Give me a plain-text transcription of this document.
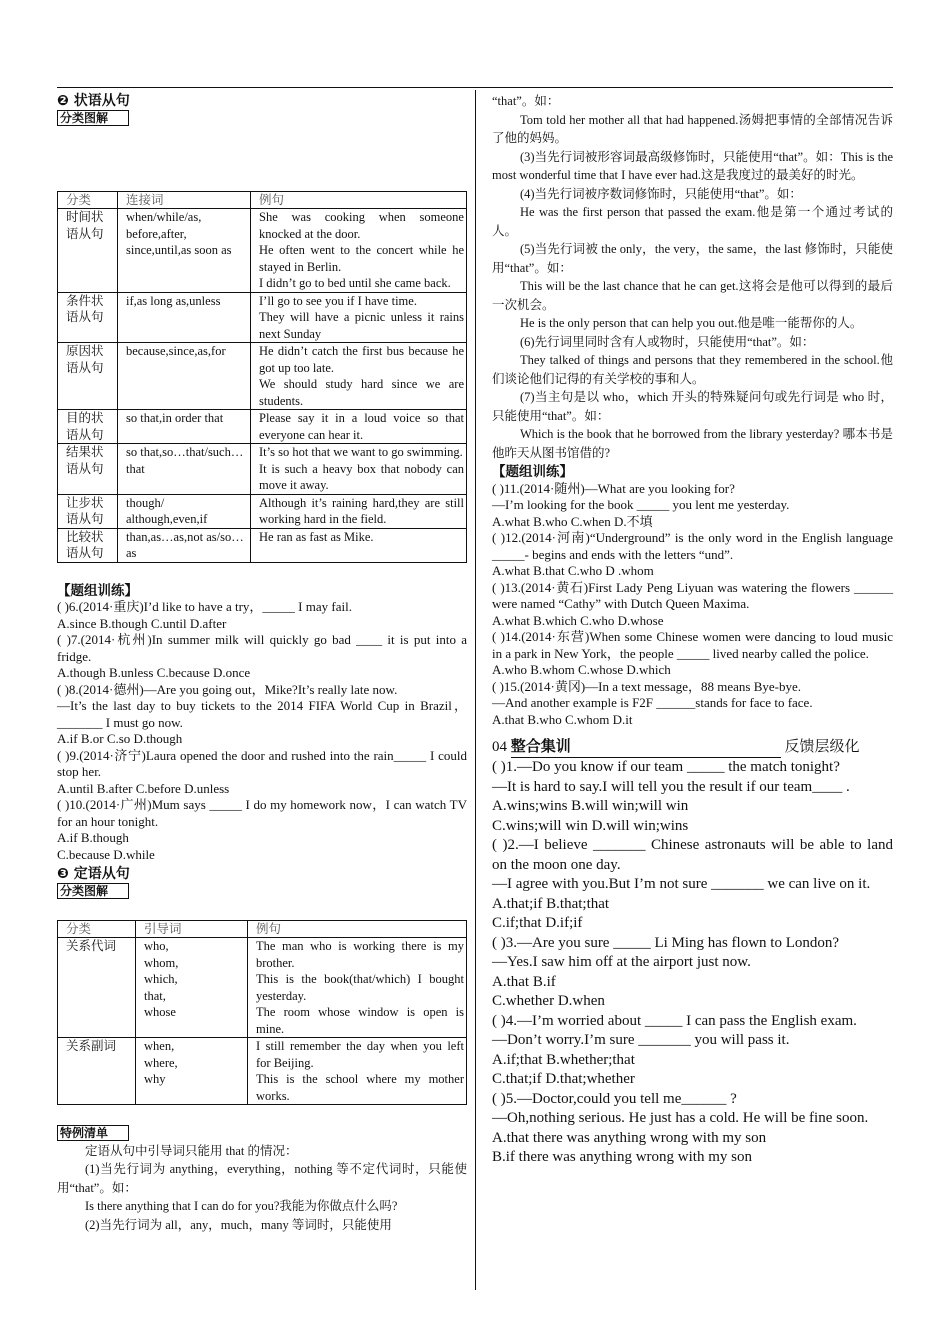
❷ 状语从句
分类图解
分类	连接词	例句
时间状语从句	when/while/as, before,after, since,until,as soon as	She was cooking when someone knocked at the door.
He often went to the concert while he stayed in Berlin.
I didn’t go to bed until she came back.
条件状语从句	if,as long as,unless	I’ll go to see you if I have time.
They will have a picnic unless it rains next Sunday
原因状语从句	because,since,as,for	He didn’t catch the first bus because he got up too late.
We should study hard since we are students.
目的状语从句	so that,in order that	Please say it in a loud voice so that everyone can hear it.
结果状语从句	so that,so…that/such…that	It’s so hot that we want to go swimming.
It is such a heavy box that nobody can move it away.
让步状语从句	though/ although,even,if	Although it’s raining hard,they are still working hard in the field.
比较状语从句	than,as…as,not as/so…as	He ran as fast as Mike.
【题组训练】

( )6.(2014·重庆)I’d like to have a try，_____ I may fail.

A.since B.though C.until D.after

( )7.(2014·杭州)In summer milk will quickly go bad ____ it is put into a fridge.

A.though B.unless C.because D.once

( )8.(2014·德州)—Are you going out，Mike?It’s really late now.

—It’s the last day to buy tickets to the 2014 FIFA World Cup in Brazil，_______ I must go now.

A.if B.or C.so D.though

( )9.(2014·济宁)Laura opened the door and rushed into the rain_____ I could stop her.

A.until B.after C.before D.unless

( )10.(2014·广州)Mum says _____ I do my homework now，I can watch TV for an hour tonight.

A.if B.though

C.because D.while

❸ 定语从句
分类图解
分类	引导词	例句
关系代词	who,
whom,
which,
that,
whose	The man who is working there is my brother.
This is the book(that/which) I bought yesterday.
The room whose window is open is mine.
关系副词	when,
where,
why	I still remember the day when you left for Beijing.
This is the school where my mother works.
特例清单

定语从句中引导词只能用 that 的情况：

(1)当先行词为 anything，everything，nothing 等不定代词时，只能使用“that”。如：

Is there anything that I can do for you?我能为你做点什么吗?

(2)当先行词为 all，any，much，many 等词时，只能使用

“that”。如：

Tom told her mother all that had happened.汤姆把事情的全部情况告诉了他的妈妈。

(3)当先行词被形容词最高级修饰时，只能使用“that”。如：This is the most wonderful time that I have ever had.这是我度过的最美好的时光。

(4)当先行词被序数词修饰时，只能使用“that”。如：

He was the first person that passed the exam.他是第一个通过考试的人。

(5)当先行词被 the only，the very，the same，the last 修饰时，只能使用“that”。如：

This will be the last chance that he can get.这将会是他可以得到的最后一次机会。

He is the only person that can help you out.他是唯一能帮你的人。

(6)先行词里同时含有人或物时，只能使用“that”。如：

They talked of things and persons that they remembered in the school.他们谈论他们记得的有关学校的事和人。

(7)当主句是以 who，which 开头的特殊疑问句或先行词是 who 时，只能使用“that”。如：

Which is the book that he borrowed from the library yesterday? 哪本书是他昨天从图书馆借的?

【题组训练】

( )11.(2014·随州)—What are you looking for?

—I’m looking for the book _____ you lent me yesterday.

A.what B.who C.when D.不填

( )12.(2014·河南)“Underground” is the only word in the English language _____- begins and ends with the letters “und”.

A.what B.that C.who D .whom

( )13.(2014·黄石)First Lady Peng Liyuan was watering the flowers ______ were named “Cathy” with Dutch Queen Maxima.

A.what B.which C.who D.whose

( )14.(2014·东营)When some Chinese women were dancing to loud music in a park in New York，the people _____ lived nearby called the police.

A.who B.whom C.whose D.which

( )15.(2014·黄冈)—In a text message，88 means Bye-bye.

—And another example is F2F ______stands for face to face.

A.that B.who C.whom D.it

04 整合集训	反馈层级化

( )1.—Do you know if our team _____ the match tonight?

—It is hard to say.I will tell you the result if our team____ .

A.wins;wins B.will win;will win

C.wins;will win D.will win;wins

( )2.—I believe _______ Chinese astronauts will be able to land on the moon one day.

—I agree with you.But I’m not sure _______ we can live on it.

A.that;if B.that;that

C.if;that D.if;if

( )3.—Are you sure _____ Li Ming has flown to London?

—Yes.I saw him off at the airport just now.

A.that B.if

C.whether D.when

( )4.—I’m worried about _____ I can pass the English exam.

—Don’t worry.I’m sure _______ you will pass it.

A.if;that B.whether;that

C.that;if D.that;whether

( )5.—Doctor,could you tell me______ ?

—Oh,nothing serious. He just has a cold. He will be fine soon.

A.that there was anything wrong with my son

B.if there was anything wrong with my son
